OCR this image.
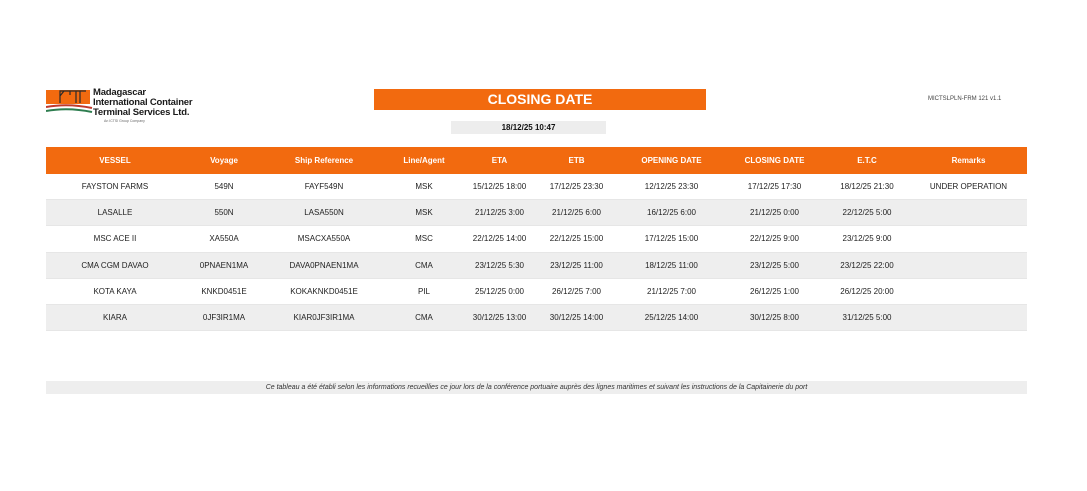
Madagascar
International Container
Terminal Services Ltd.
An ICTSI Group Company
CLOSING DATE	MICTSLPLN-FRM 121 v1.1
18/12/25 10:47
VESSEL	Voyage	Ship Reference	Line/Agent	ETA	ETB	OPENING DATE	CLOSING DATE	E.T.C	Remarks
FAYSTON FARMS	549N	FAYF549N	MSK	15/12/25 18:00	17/12/25 23:30	12/12/25 23:30	17/12/25 17:30	18/12/25 21:30	UNDER OPERATION
LASALLE	550N	LASA550N	MSK	21/12/25 3:00	21/12/25 6:00	16/12/25 6:00	21/12/25 0:00	22/12/25 5:00
MSC ACE II	XA550A	MSACXA550A	MSC	22/12/25 14:00	22/12/25 15:00	17/12/25 15:00	22/12/25 9:00	23/12/25 9:00
CMA CGM DAVAO	0PNAEN1MA	DAVA0PNAEN1MA	CMA	23/12/25 5:30	23/12/25 11:00	18/12/25 11:00	23/12/25 5:00	23/12/25 22:00
KOTA KAYA	KNKD0451E	KOKAKNKD0451E	PIL	25/12/25 0:00	26/12/25 7:00	21/12/25 7:00	26/12/25 1:00	26/12/25 20:00
KIARA	0JF3IR1MA	KIAR0JF3IR1MA	CMA	30/12/25 13:00	30/12/25 14:00	25/12/25 14:00	30/12/25 8:00	31/12/25 5:00
Ce tableau a été établi selon les informations recueillies ce jour lors de la conférence portuaire auprès des lignes maritimes et suivant les instructions de la Capitainerie du port
